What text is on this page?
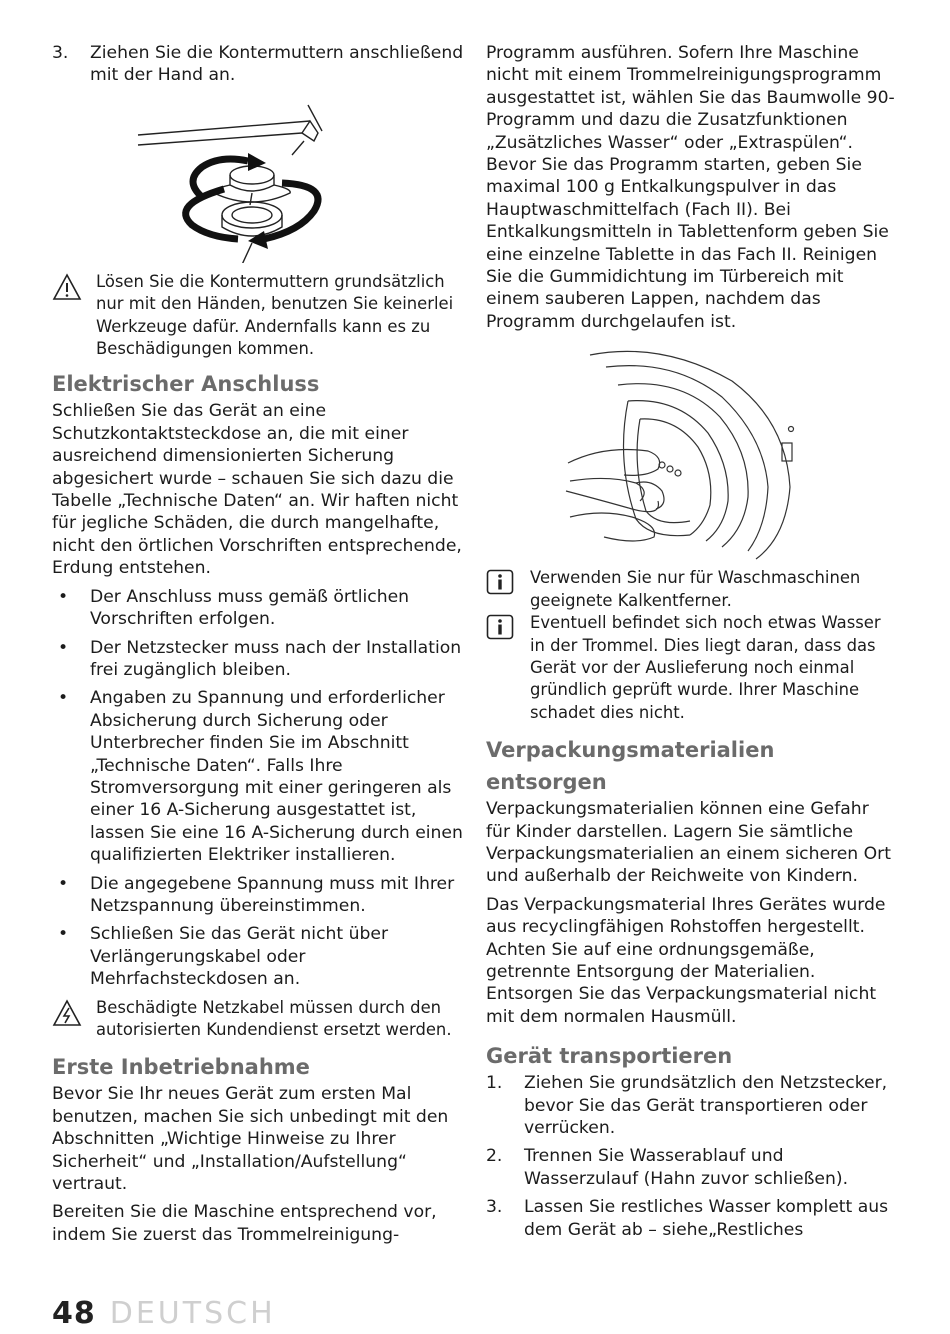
3. Ziehen Sie die Kontermuttern anschließend mit der Hand an.

Lösen Sie die Kontermuttern grundsätzlich nur mit den Händen, benutzen Sie keinerlei Werkzeuge dafür. Andernfalls kann es zu Beschädigungen kommen.

Elektrischer Anschluss

Schließen Sie das Gerät an eine Schutzkontaktsteckdose an, die mit einer ausreichend dimensionierten Sicherung abgesichert wurde – schauen Sie sich dazu die Tabelle „Technische Daten“ an. Wir haften nicht für jegliche Schäden, die durch mangelhafte, nicht den örtlichen Vorschriften entsprechende, Erdung entstehen.

• Der Anschluss muss gemäß örtlichen Vorschriften erfolgen.
• Der Netzstecker muss nach der Installation frei zugänglich bleiben.
• Angaben zu Spannung und erforderlicher Absicherung durch Sicherung oder Unterbrecher finden Sie im Abschnitt „Technische Daten“. Falls Ihre Stromversorgung mit einer geringeren als einer 16 A-Sicherung ausgestattet ist, lassen Sie eine 16 A-Sicherung durch einen qualifizierten Elektriker installieren.
• Die angegebene Spannung muss mit Ihrer Netzspannung übereinstimmen.
• Schließen Sie das Gerät nicht über Verlängerungskabel oder Mehrfachsteckdosen an.

Beschädigte Netzkabel müssen durch den autorisierten Kundendienst ersetzt werden.

Erste Inbetriebnahme

Bevor Sie Ihr neues Gerät zum ersten Mal benutzen, machen Sie sich unbedingt mit den Abschnitten „Wichtige Hinweise zu Ihrer Sicherheit“ und „Installation/Aufstellung“ vertraut.

Bereiten Sie die Maschine entsprechend vor, indem Sie zuerst das Trommelreinigung-

Programm ausführen. Sofern Ihre Maschine nicht mit einem Trommelreinigungsprogramm ausgestattet ist, wählen Sie das Baumwolle 90-Programm und dazu die Zusatzfunktionen „Zusätzliches Wasser“ oder „Extraspülen“. Bevor Sie das Programm starten, geben Sie maximal 100 g Entkalkungspulver in das Hauptwaschmittelfach (Fach II). Bei Entkalkungsmitteln in Tablettenform geben Sie eine einzelne Tablette in das Fach II. Reinigen Sie die Gummidichtung im Türbereich mit einem sauberen Lappen, nachdem das Programm durchgelaufen ist.

Verwenden Sie nur für Waschmaschinen geeignete Kalkentferner.

Eventuell befindet sich noch etwas Wasser in der Trommel. Dies liegt daran, dass das Gerät vor der Auslieferung noch einmal gründlich geprüft wurde. Ihrer Maschine schadet dies nicht.

Verpackungsmaterialien entsorgen

Verpackungsmaterialien können eine Gefahr für Kinder darstellen. Lagern Sie sämtliche Verpackungsmaterialien an einem sicheren Ort und außerhalb der Reichweite von Kindern.

Das Verpackungsmaterial Ihres Gerätes wurde aus recyclingfähigen Rohstoffen hergestellt. Achten Sie auf eine ordnungsgemäße, getrennte Entsorgung der Materialien. Entsorgen Sie das Verpackungsmaterial nicht mit dem normalen Hausmüll.

Gerät transportieren
1. Ziehen Sie grundsätzlich den Netzstecker, bevor Sie das Gerät transportieren oder verrücken.
2. Trennen Sie Wasserablauf und Wasserzulauf (Hahn zuvor schließen).
3. Lassen Sie restliches Wasser komplett aus dem Gerät ab – siehe„Restliches
48 DEUTSCH
